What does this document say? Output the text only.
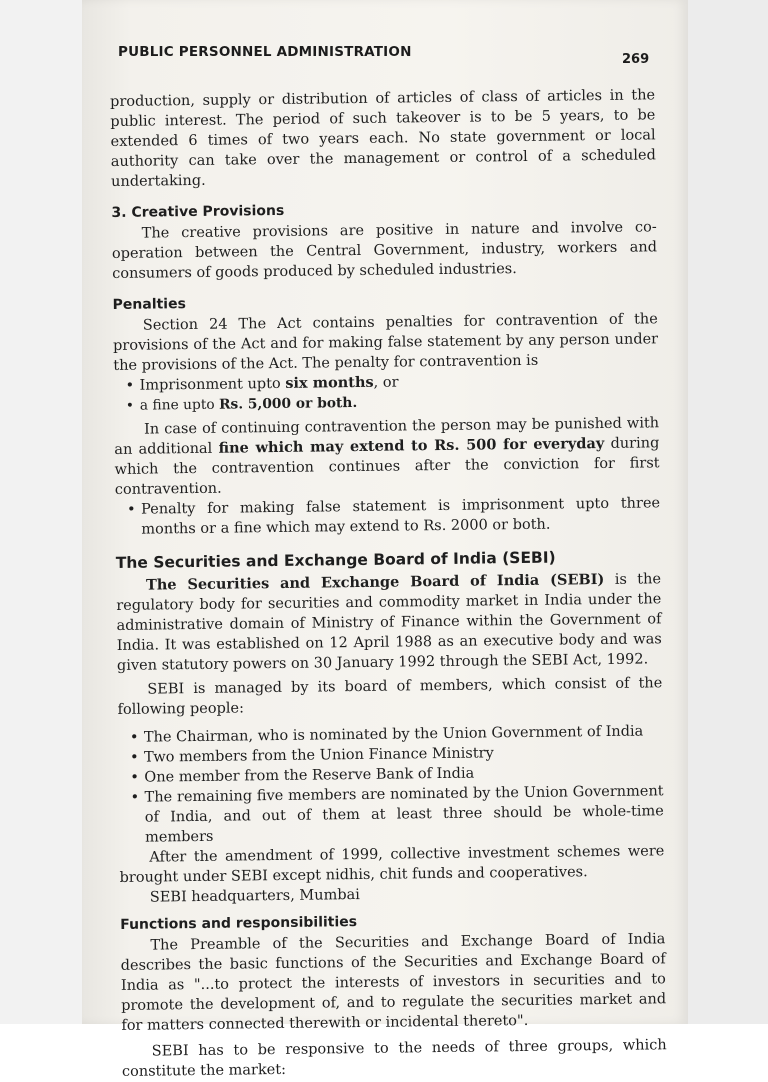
PUBLIC PERSONNEL ADMINISTRATION	269

production, supply or distribution of articles of class of articles in the public interest. The period of such takeover is to be 5 years, to be extended 6 times of two years each. No state government or local authority can take over the management or control of a scheduled undertaking.

3. Creative Provisions

The creative provisions are positive in nature and involve co-operation between the Central Government, industry, workers and consumers of goods produced by scheduled industries.

Penalties

Section 24 The Act contains penalties for contravention of the provisions of the Act and for making false statement by any person under the provisions of the Act. The penalty for contravention is

• Imprisonment upto six months, or
• a fine upto Rs. 5,000 or both.

In case of continuing contravention the person may be punished with an additional fine which may extend to Rs. 500 for everyday during which the contravention continues after the conviction for first contravention.

• Penalty for making false statement is imprisonment upto three months or a fine which may extend to Rs. 2000 or both.
The Securities and Exchange Board of India (SEBI)

The Securities and Exchange Board of India (SEBI) is the regulatory body for securities and commodity market in India under the administrative domain of Ministry of Finance within the Government of India. It was established on 12 April 1988 as an executive body and was given statutory powers on 30 January 1992 through the SEBI Act, 1992.

SEBI is managed by its board of members, which consist of the following people:

• The Chairman, who is nominated by the Union Government of India
• Two members from the Union Finance Ministry
• One member from the Reserve Bank of India
• The remaining five members are nominated by the Union Government of India, and out of them at least three should be whole-time members

After the amendment of 1999, collective investment schemes were brought under SEBI except nidhis, chit funds and cooperatives.

SEBI headquarters, Mumbai

Functions and responsibilities

The Preamble of the Securities and Exchange Board of India describes the basic functions of the Securities and Exchange Board of India as "...to protect the interests of investors in securities and to promote the development of, and to regulate the securities market and for matters connected therewith or incidental thereto".

SEBI has to be responsive to the needs of three groups, which constitute the market:
